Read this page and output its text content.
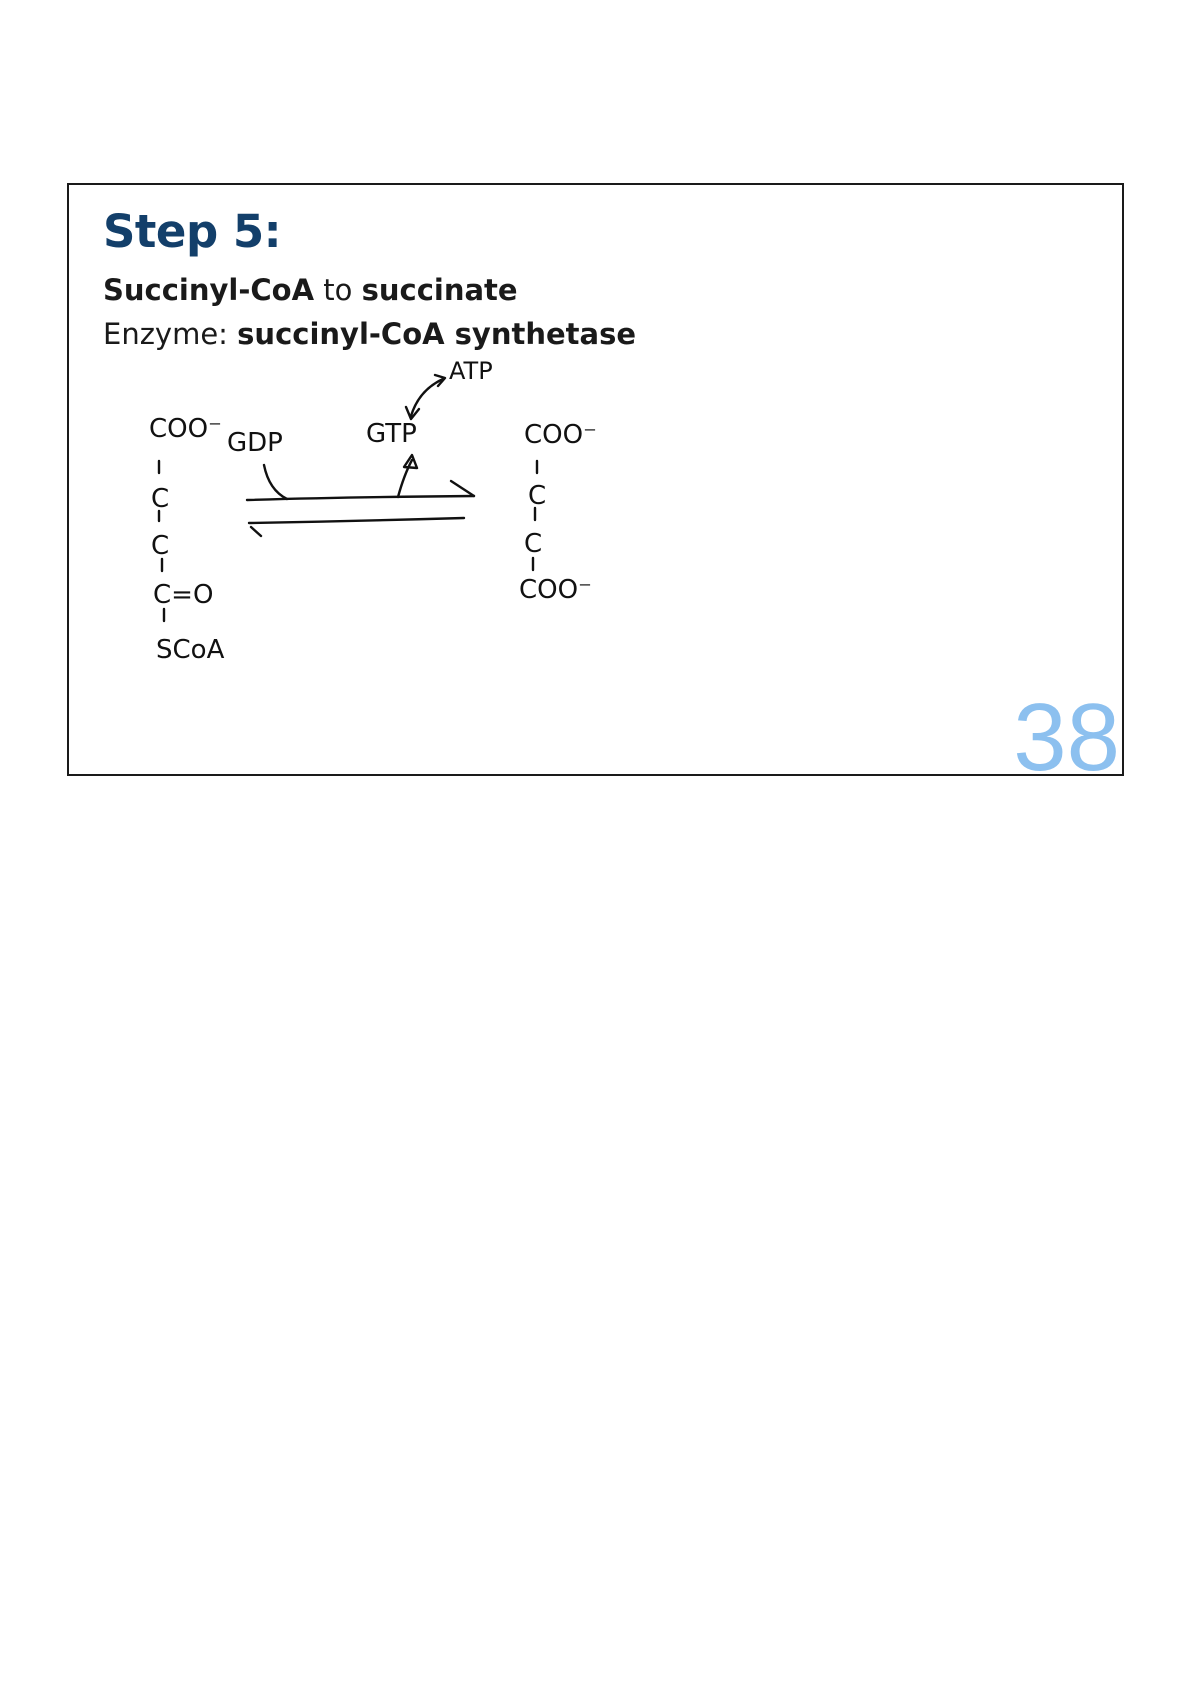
Step 5:

Succinyl-CoA to succinate

Enzyme: succinyl-CoA synthetase

COO⁻
C
C
C=O
SCoA
GDP	GTP
ATP
COO⁻
C
C
COO⁻
38
